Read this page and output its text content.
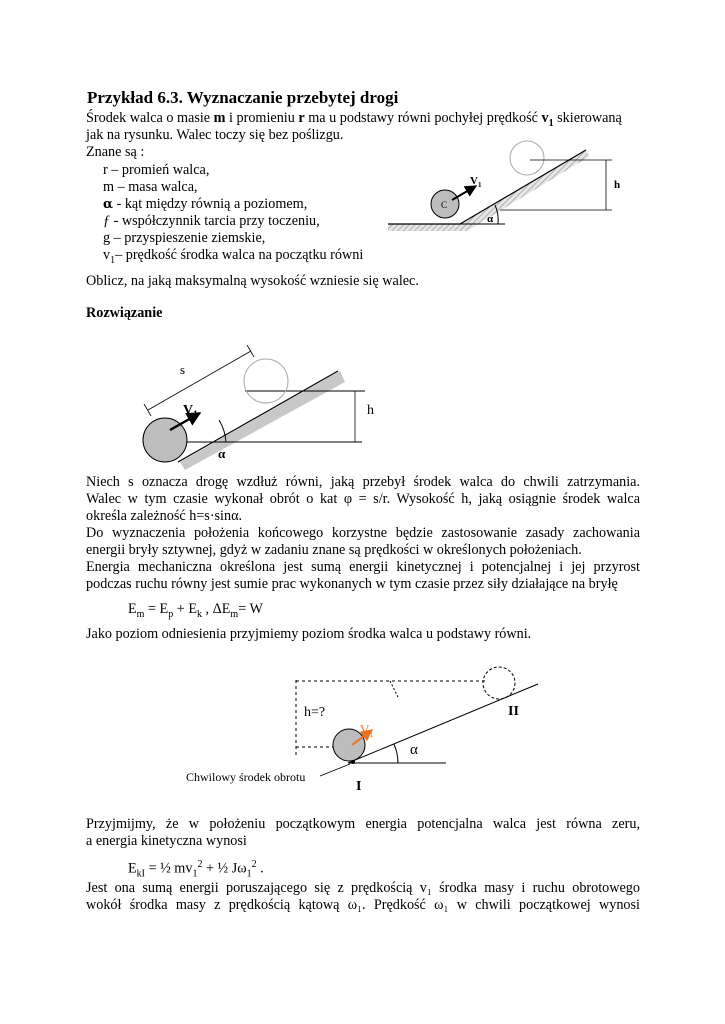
Przykład 6.3. Wyznaczanie przebytej drogi
Środek walca o masie m i promieniu r ma u podstawy równi pochyłej prędkość $v_1$ skierowaną
jak na rysunku. Walec toczy się bez poślizgu.
Znane są :
r – promień walca,
m – masa walca,
α - kąt między równią a poziomem,
ƒ - współczynnik tarcia przy toczeniu,
g – przyspieszenie ziemskie,
$v_1-$ prędkość środka walca na początku równi
Oblicz, na jaką maksymalną wysokość wzniesie się walec.
Rozwiązanie
Niech s oznacza drogę wzdłuż równi, jaką przebył środek walca do chwili zatrzymania.
Walec w tym czasie wykonał obrót o kat φ = s/r. Wysokość h, jaką osiągnie środek walca
określa zależność h=s·sinα.
Do wyznaczenia położenia końcowego korzystne będzie zastosowanie zasady zachowania
energii bryły sztywnej, gdyż w zadaniu znane są prędkości w określonych położeniach.
Energia mechaniczna określona jest sumą energii kinetycznej i potencjalnej i jej przyrost
podczas ruchu równy jest sumie prac wykonanych w tym czasie przez siły działające na bryłę
$E_m = E_p + E_k$ , $\Delta E_m= W$
Jako poziom odniesienia przyjmiemy poziom środka walca u podstawy równi.
Przyjmijmy, że w położeniu początkowym energia potencjalna walca jest równa zeru,
a energia kinetyczna wynosi
$E_{kI}$ = ½ $mv_1^2$ + ½ $J\omega_1^2$ .
Jest ona sumą energii poruszającego się z prędkością v₁ środka masy i ruchu obrotowego
wokół środka masy z prędkością kątową ω₁. Prędkość ω₁ w chwili początkowej wynosi
$V_1$
C
h
α
s
$V_1$	h
α
h=?
$V_1$
α
II
I
Chwilowy środek obrotu
